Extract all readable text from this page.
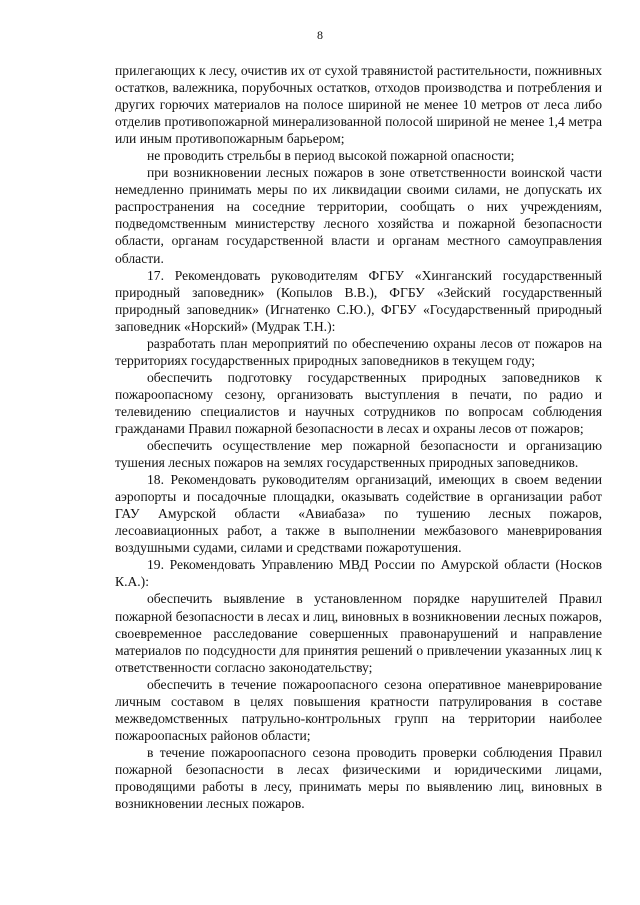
8

прилегающих к лесу, очистив их от сухой травянистой растительности, пожнивных остатков, валежника, порубочных остатков, отходов производства и потребления и других горючих материалов на полосе шириной не менее 10 метров от леса либо отделив противопожарной минерализованной полосой шириной не менее 1,4 метра или иным противопожарным барьером;

не проводить стрельбы в период высокой пожарной опасности;

при возникновении лесных пожаров в зоне ответственности воинской части немедленно принимать меры по их ликвидации своими силами, не допускать их распространения на соседние территории, сообщать о них учреждениям, подведомственным министерству лесного хозяйства и пожарной безопасности области, органам государственной власти и органам местного самоуправления области.

17. Рекомендовать руководителям ФГБУ «Хинганский государственный природный заповедник» (Копылов В.В.), ФГБУ «Зейский государственный природный заповедник» (Игнатенко С.Ю.), ФГБУ «Государственный природный заповедник «Норский» (Мудрак Т.Н.):

разработать план мероприятий по обеспечению охраны лесов от пожаров на территориях государственных природных заповедников в текущем году;

обеспечить подготовку государственных природных заповедников к пожароопасному сезону, организовать выступления в печати, по радио и телевидению специалистов и научных сотрудников по вопросам соблюдения гражданами Правил пожарной безопасности в лесах и охраны лесов от пожаров;

обеспечить осуществление мер пожарной безопасности и организацию тушения лесных пожаров на землях государственных природных заповедников.

18. Рекомендовать руководителям организаций, имеющих в своем ведении аэропорты и посадочные площадки, оказывать содействие в организации работ ГАУ Амурской области «Авиабаза» по тушению лесных пожаров, лесоавиационных работ, а также в выполнении межбазового маневрирования воздушными судами, силами и средствами пожаротушения.

19. Рекомендовать Управлению МВД России по Амурской области (Носков К.А.):

обеспечить выявление в установленном порядке нарушителей Правил пожарной безопасности в лесах и лиц, виновных в возникновении лесных пожаров, своевременное расследование совершенных правонарушений и направление материалов по подсудности для принятия решений о привлечении указанных лиц к ответственности согласно законодательству;

обеспечить в течение пожароопасного сезона оперативное маневрирование личным составом в целях повышения кратности патрулирования в составе межведомственных патрульно-контрольных групп на территории наиболее пожароопасных районов области;

в течение пожароопасного сезона проводить проверки соблюдения Правил пожарной безопасности в лесах физическими и юридическими лицами, проводящими работы в лесу, принимать меры по выявлению лиц, виновных в возникновении лесных пожаров.
